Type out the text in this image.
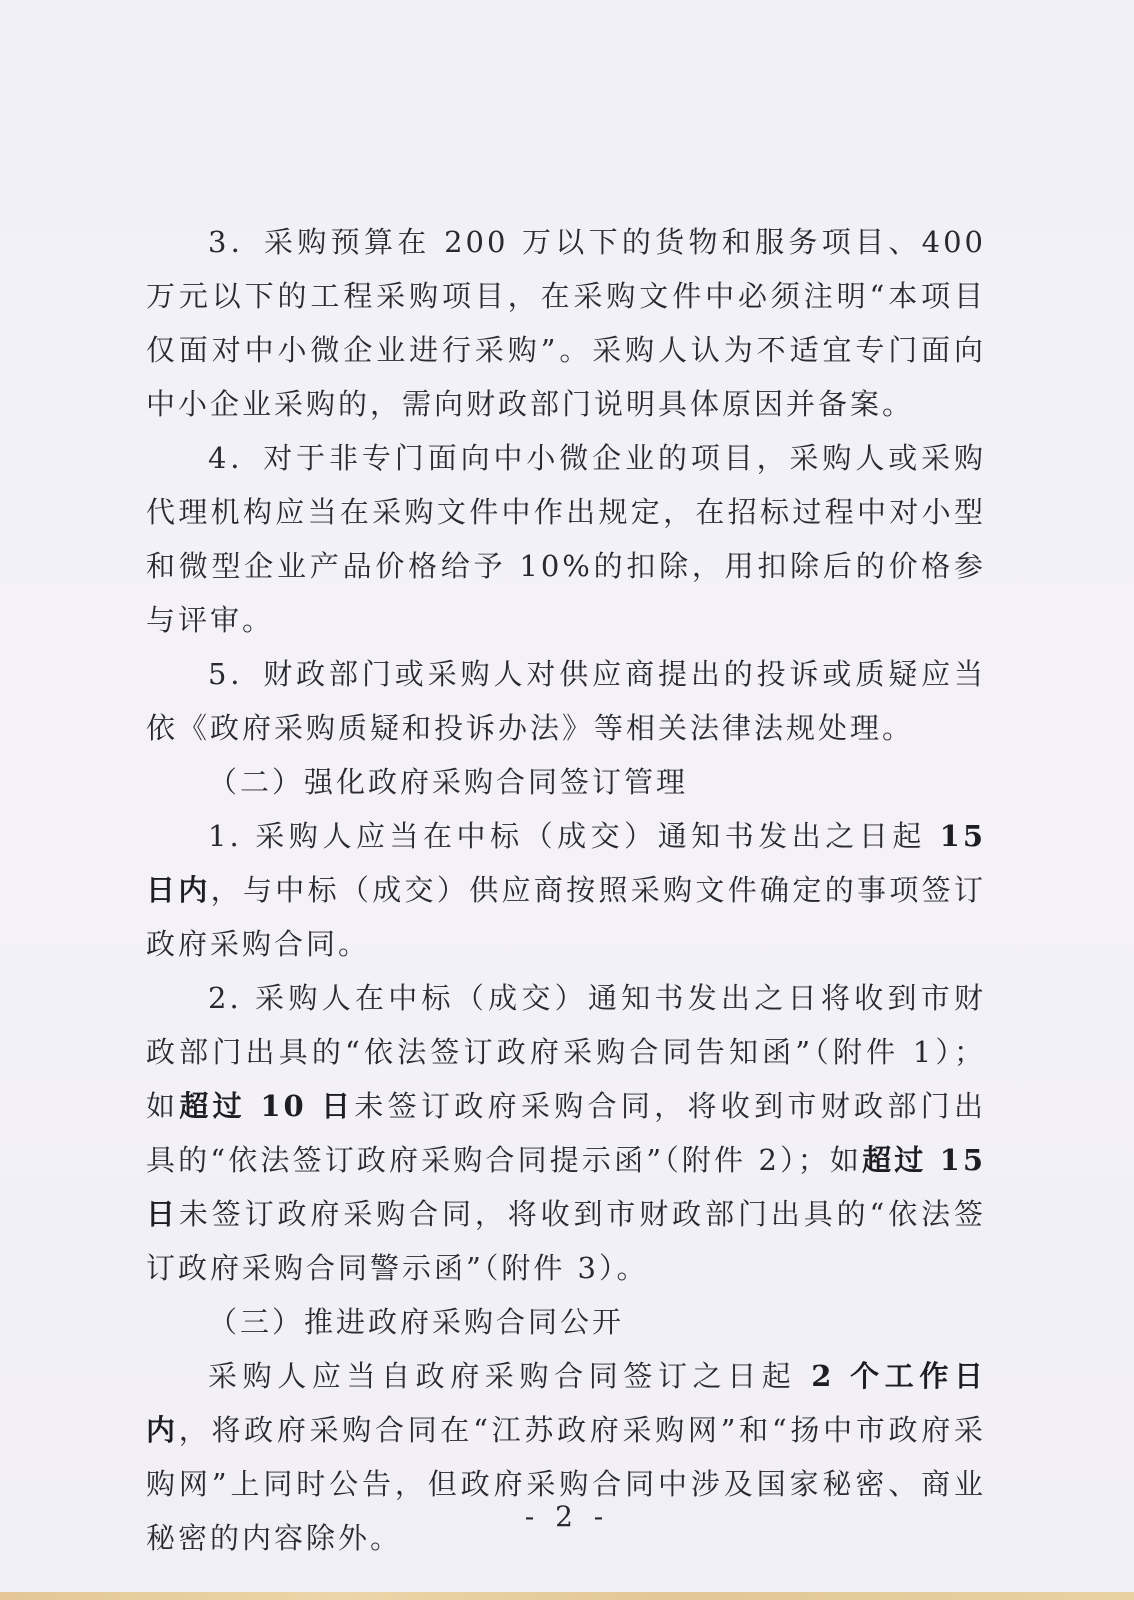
3．采购预算在 200 万以下的货物和服务项目、400 万元以下的工程采购项目，在采购文件中必须注明“本项目仅面对中小微企业进行采购”。采购人认为不适宜专门面向中小企业采购的，需向财政部门说明具体原因并备案。

4．对于非专门面向中小微企业的项目，采购人或采购代理机构应当在采购文件中作出规定，在招标过程中对小型和微型企业产品价格给予 10%的扣除，用扣除后的价格参与评审。

5．财政部门或采购人对供应商提出的投诉或质疑应当依《政府采购质疑和投诉办法》等相关法律法规处理。

（二）强化政府采购合同签订管理

1. 采购人应当在中标（成交）通知书发出之日起 15 日内，与中标（成交）供应商按照采购文件确定的事项签订政府采购合同。

2. 采购人在中标（成交）通知书发出之日将收到市财政部门出具的“依法签订政府采购合同告知函”（附件 1）；如超过 10 日未签订政府采购合同，将收到市财政部门出具的“依法签订政府采购合同提示函”（附件 2）；如超过 15 日未签订政府采购合同，将收到市财政部门出具的“依法签订政府采购合同警示函”（附件 3）。

（三）推进政府采购合同公开

采购人应当自政府采购合同签订之日起 2 个工作日内，将政府采购合同在“江苏政府采购网”和“扬中市政府采购网”上同时公告，但政府采购合同中涉及国家秘密、商业秘密的内容除外。

- 2 -
